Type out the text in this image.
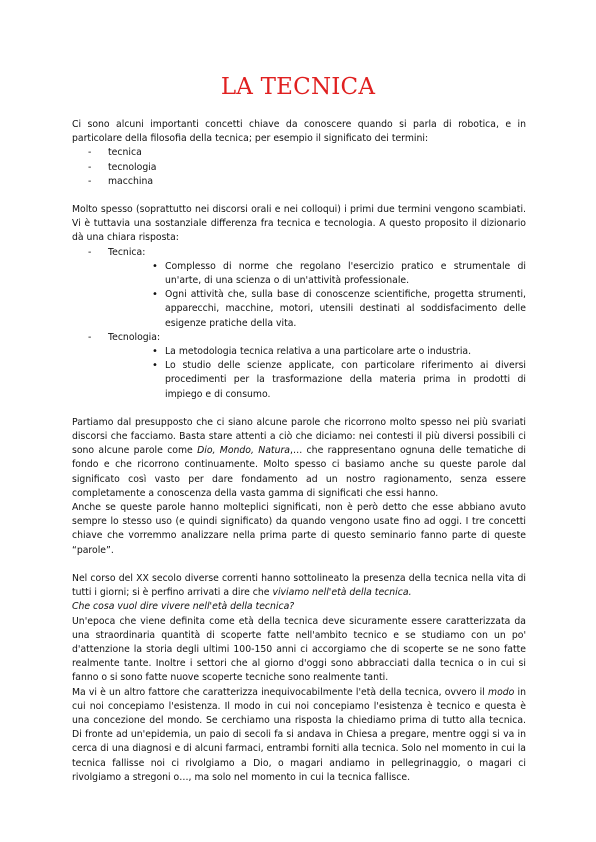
LA TECNICA

Ci sono alcuni importanti concetti chiave da conoscere quando si parla di robotica, e in particolare della filosofia della tecnica; per esempio il significato dei termini:

- tecnica
- tecnologia
- macchina

Molto spesso (soprattutto nei discorsi orali e nei colloqui) i primi due termini vengono scambiati. Vi è tuttavia una sostanziale differenza fra tecnica e tecnologia. A questo proposito il dizionario dà una chiara risposta:

- Tecnica:
• Complesso di norme che regolano l'esercizio pratico e strumentale di un'arte, di una scienza o di un'attività professionale.
• Ogni attività che, sulla base di conoscenze scientifiche, progetta strumenti, apparecchi, macchine, motori, utensili destinati al soddisfacimento delle esigenze pratiche della vita.
- Tecnologia:
• La metodologia tecnica relativa a una particolare arte o industria.
• Lo studio delle scienze applicate, con particolare riferimento ai diversi procedimenti per la trasformazione della materia prima in prodotti di impiego e di consumo.

Partiamo dal presupposto che ci siano alcune parole che ricorrono molto spesso nei più svariati discorsi che facciamo. Basta stare attenti a ciò che diciamo: nei contesti il più diversi possibili ci sono alcune parole come Dio, Mondo, Natura,… che rappresentano ognuna delle tematiche di fondo e che ricorrono continuamente. Molto spesso ci basiamo anche su queste parole dal significato così vasto per dare fondamento ad un nostro ragionamento, senza essere completamente a conoscenza della vasta gamma di significati che essi hanno.

Anche se queste parole hanno molteplici significati, non è però detto che esse abbiano avuto sempre lo stesso uso (e quindi significato) da quando vengono usate fino ad oggi. I tre concetti chiave che vorremmo analizzare nella prima parte di questo seminario fanno parte di queste “parole”.

Nel corso del XX secolo diverse correnti hanno sottolineato la presenza della tecnica nella vita di tutti i giorni; si è perfino arrivati a dire che viviamo nell'età della tecnica.

Che cosa vuol dire vivere nell'età della tecnica?

Un'epoca che viene definita come età della tecnica deve sicuramente essere caratterizzata da una straordinaria quantità di scoperte fatte nell'ambito tecnico e se studiamo con un po' d'attenzione la storia degli ultimi 100-150 anni ci accorgiamo che di scoperte se ne sono fatte realmente tante. Inoltre i settori che al giorno d'oggi sono abbracciati dalla tecnica o in cui si fanno o si sono fatte nuove scoperte tecniche sono realmente tanti.

Ma vi è un altro fattore che caratterizza inequivocabilmente l'età della tecnica, ovvero il modo in cui noi concepiamo l'esistenza. Il modo in cui noi concepiamo l'esistenza è tecnico e questa è una concezione del mondo. Se cerchiamo una risposta la chiediamo prima di tutto alla tecnica. Di fronte ad un'epidemia, un paio di secoli fa si andava in Chiesa a pregare, mentre oggi si va in cerca di una diagnosi e di alcuni farmaci, entrambi forniti alla tecnica. Solo nel momento in cui la tecnica fallisse noi ci rivolgiamo a Dio, o magari andiamo in pellegrinaggio, o magari ci rivolgiamo a stregoni o…, ma solo nel momento in cui la tecnica fallisce.
